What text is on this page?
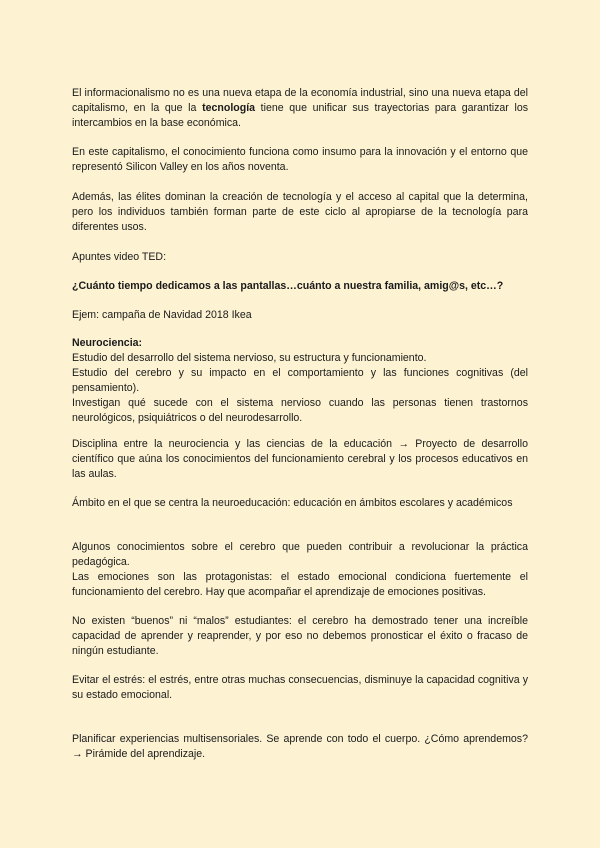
El informacionalismo no es una nueva etapa de la economía industrial, sino una nueva etapa del capitalismo, en la que la tecnología tiene que unificar sus trayectorias para garantizar los intercambios en la base económica.

En este capitalismo, el conocimiento funciona como insumo para la innovación y el entorno que representó Silicon Valley en los años noventa.

Además, las élites dominan la creación de tecnología y el acceso al capital que la determina, pero los individuos también forman parte de este ciclo al apropiarse de la tecnología para diferentes usos.

Apuntes video TED:

¿Cuánto tiempo dedicamos a las pantallas…cuánto a nuestra familia, amig@s, etc…?

Ejem: campaña de Navidad 2018 Ikea

Neurociencia:
Estudio del desarrollo del sistema nervioso, su estructura y funcionamiento.
Estudio del cerebro y su impacto en el comportamiento y las funciones cognitivas (del pensamiento).
Investigan qué sucede con el sistema nervioso cuando las personas tienen trastornos neurológicos, psiquiátricos o del neurodesarrollo.

Disciplina entre la neurociencia y las ciencias de la educación → Proyecto de desarrollo científico que aúna los conocimientos del funcionamiento cerebral y los procesos educativos en las aulas.

Ámbito en el que se centra la neuroeducación: educación en ámbitos escolares y académicos

Algunos conocimientos sobre el cerebro que pueden contribuir a revolucionar la práctica pedagógica.
Las emociones son las protagonistas: el estado emocional condiciona fuertemente el funcionamiento del cerebro. Hay que acompañar el aprendizaje de emociones positivas.

No existen “buenos” ni “malos” estudiantes: el cerebro ha demostrado tener una increíble capacidad de aprender y reaprender, y por eso no debemos pronosticar el éxito o fracaso de ningún estudiante.

Evitar el estrés: el estrés, entre otras muchas consecuencias, disminuye la capacidad cognitiva y su estado emocional.

Planificar experiencias multisensoriales. Se aprende con todo el cuerpo. ¿Cómo aprendemos? → Pirámide del aprendizaje.
